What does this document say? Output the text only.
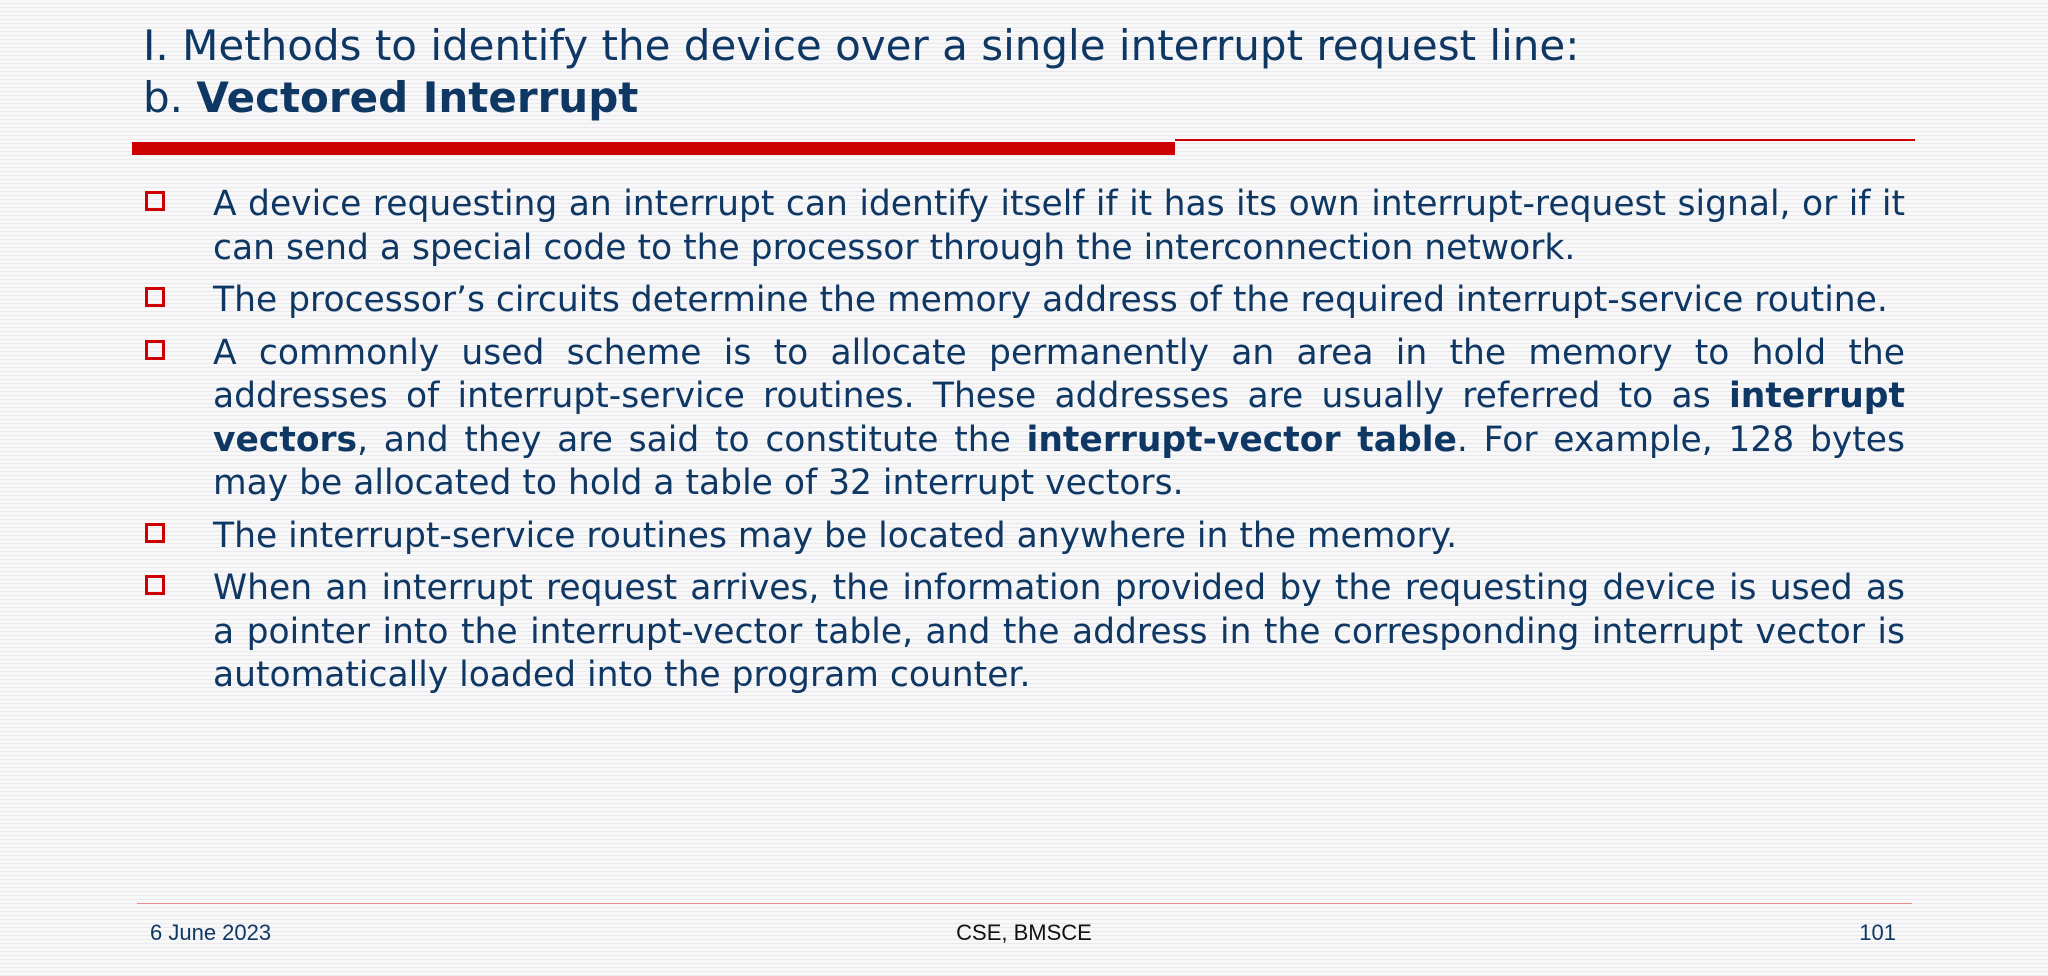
I. Methods to identify the device over a single interrupt request line:
b. Vectored Interrupt
A device requesting an interrupt can identify itself if it has its own interrupt-request signal, or if it can send a special code to the processor through the interconnection network.
The processor’s circuits determine the memory address of the required interrupt-service routine.
A commonly used scheme is to allocate permanently an area in the memory to hold the addresses of interrupt-service routines. These addresses are usually referred to as interrupt vectors, and they are said to constitute the interrupt-vector table. For example, 128 bytes may be allocated to hold a table of 32 interrupt vectors.
The interrupt-service routines may be located anywhere in the memory.
When an interrupt request arrives, the information provided by the requesting device is used as a pointer into the interrupt-vector table, and the address in the corresponding interrupt vector is automatically loaded into the program counter.
6 June 2023	CSE, BMSCE	101
